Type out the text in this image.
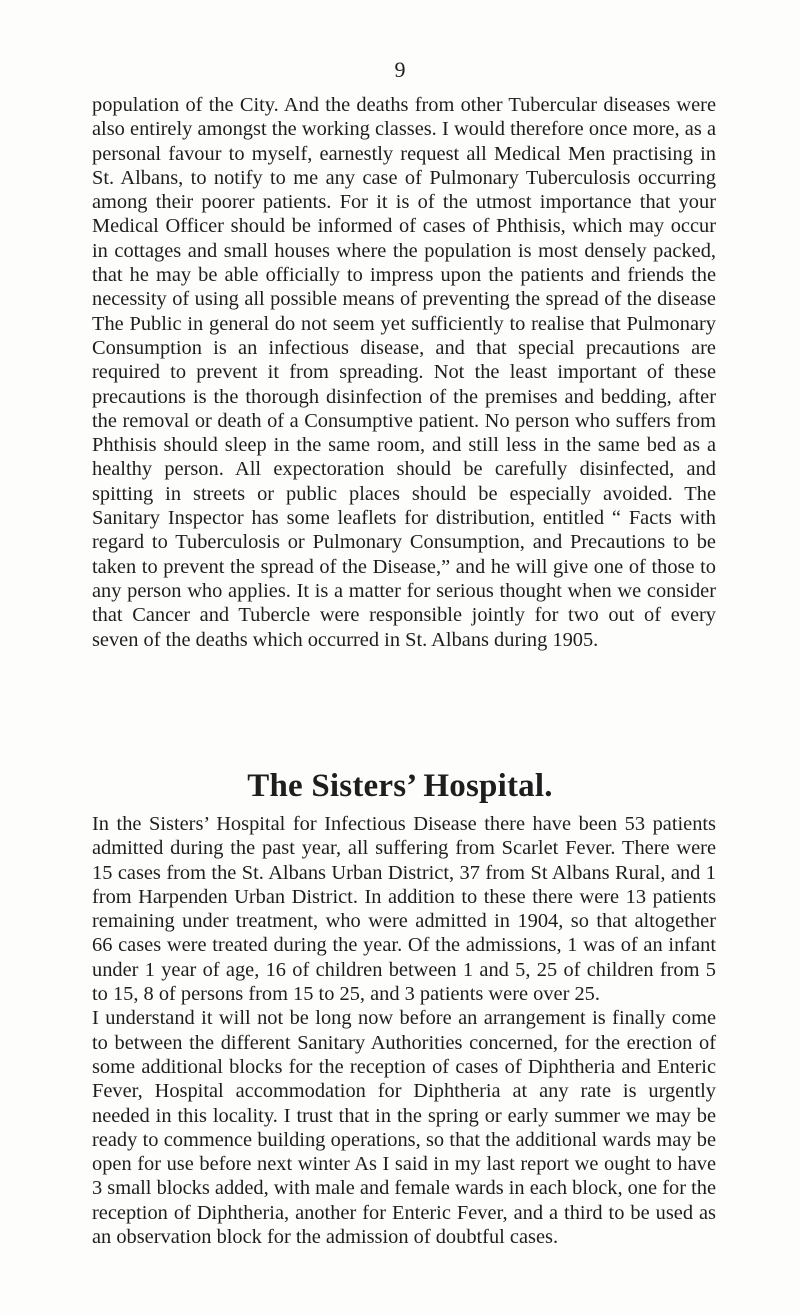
9

population of the City. And the deaths from other Tubercular diseases were also entirely amongst the working classes. I would therefore once more, as a personal favour to myself, earnestly request all Medical Men practising in St. Albans, to notify to me any case of Pulmonary Tuberculosis occurring among their poorer patients. For it is of the utmost importance that your Medical Officer should be informed of cases of Phthisis, which may occur in cottages and small houses where the population is most densely packed, that he may be able officially to impress upon the patients and friends the necessity of using all possible means of preventing the spread of the disease The Public in general do not seem yet sufficiently to realise that Pulmonary Consumption is an infectious disease, and that special precautions are required to prevent it from spreading. Not the least important of these precautions is the thorough disinfection of the premises and bedding, after the removal or death of a Consumptive patient. No person who suffers from Phthisis should sleep in the same room, and still less in the same bed as a healthy person. All expectoration should be carefully disinfected, and spitting in streets or public places should be especially avoided. The Sanitary Inspector has some leaflets for distribution, entitled “ Facts with regard to Tuberculosis or Pulmonary Consumption, and Precautions to be taken to prevent the spread of the Disease,” and he will give one of those to any person who applies. It is a matter for serious thought when we consider that Cancer and Tubercle were responsible jointly for two out of every seven of the deaths which occurred in St. Albans during 1905.

The Sisters’ Hospital.

In the Sisters’ Hospital for Infectious Disease there have been 53 patients admitted during the past year, all suffering from Scarlet Fever. There were 15 cases from the St. Albans Urban District, 37 from St Albans Rural, and 1 from Harpenden Urban District. In addition to these there were 13 patients remaining under treatment, who were admitted in 1904, so that altogether 66 cases were treated during the year. Of the admissions, 1 was of an infant under 1 year of age, 16 of children between 1 and 5, 25 of children from 5 to 15, 8 of persons from 15 to 25, and 3 patients were over 25.

I understand it will not be long now before an arrangement is finally come to between the different Sanitary Authorities concerned, for the erection of some additional blocks for the reception of cases of Diphtheria and Enteric Fever, Hospital accommodation for Diphtheria at any rate is urgently needed in this locality. I trust that in the spring or early summer we may be ready to commence building operations, so that the additional wards may be open for use before next winter As I said in my last report we ought to have 3 small blocks added, with male and female wards in each block, one for the reception of Diphtheria, another for Enteric Fever, and a third to be used as an observation block for the admission of doubtful cases.
